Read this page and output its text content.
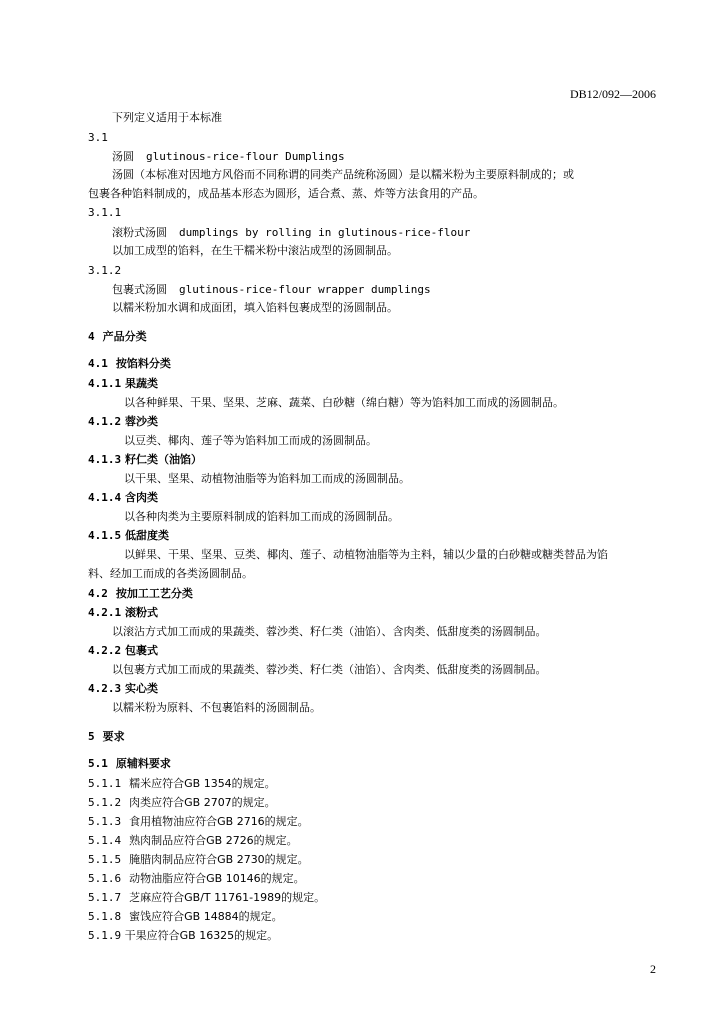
DB12/092—2006
下列定义适用于本标准
3.1
汤圆 glutinous-rice-flour Dumplings
汤圆（本标准对因地方风俗而不同称谓的同类产品统称汤圆）是以糯米粉为主要原料制成的；或
包裹各种馅料制成的，成品基本形态为圆形，适合煮、蒸、炸等方法食用的产品。
3.1.1
滚粉式汤圆 dumplings by rolling in glutinous-rice-flour
以加工成型的馅料，在生干糯米粉中滚沾成型的汤圆制品。
3.1.2
包裹式汤圆 glutinous-rice-flour wrapper dumplings
以糯米粉加水调和成面团，填入馅料包裹成型的汤圆制品。
4 产品分类
4.1 按馅料分类
4.1.1 果蔬类
以各种鲜果、干果、坚果、芝麻、蔬菜、白砂糖（绵白糖）等为馅料加工而成的汤圆制品。
4.1.2 蓉沙类
以豆类、椰肉、莲子等为馅料加工而成的汤圆制品。
4.1.3 籽仁类（油馅）
以干果、坚果、动植物油脂等为馅料加工而成的汤圆制品。
4.1.4 含肉类
以各种肉类为主要原料制成的馅料加工而成的汤圆制品。
4.1.5 低甜度类
以鲜果、干果、坚果、豆类、椰肉、莲子、动植物油脂等为主料，辅以少量的白砂糖或糖类替品为馅
料、经加工而成的各类汤圆制品。
4.2 按加工工艺分类
4.2.1 滚粉式
以滚沾方式加工而成的果蔬类、蓉沙类、籽仁类（油馅）、含肉类、低甜度类的汤圆制品。
4.2.2 包裹式
以包裹方式加工而成的果蔬类、蓉沙类、籽仁类（油馅）、含肉类、低甜度类的汤圆制品。
4.2.3 实心类
以糯米粉为原料、不包裹馅料的汤圆制品。
5 要求
5.1 原辅料要求
5.1.1 糯米应符合GB 1354的规定。
5.1.2 肉类应符合GB 2707的规定。
5.1.3 食用植物油应符合GB 2716的规定。
5.1.4 熟肉制品应符合GB 2726的规定。
5.1.5 腌腊肉制品应符合GB 2730的规定。
5.1.6 动物油脂应符合GB 10146的规定。
5.1.7 芝麻应符合GB/T 11761-1989的规定。
5.1.8 蜜饯应符合GB 14884的规定。
5.1.9 干果应符合GB 16325的规定。
2
